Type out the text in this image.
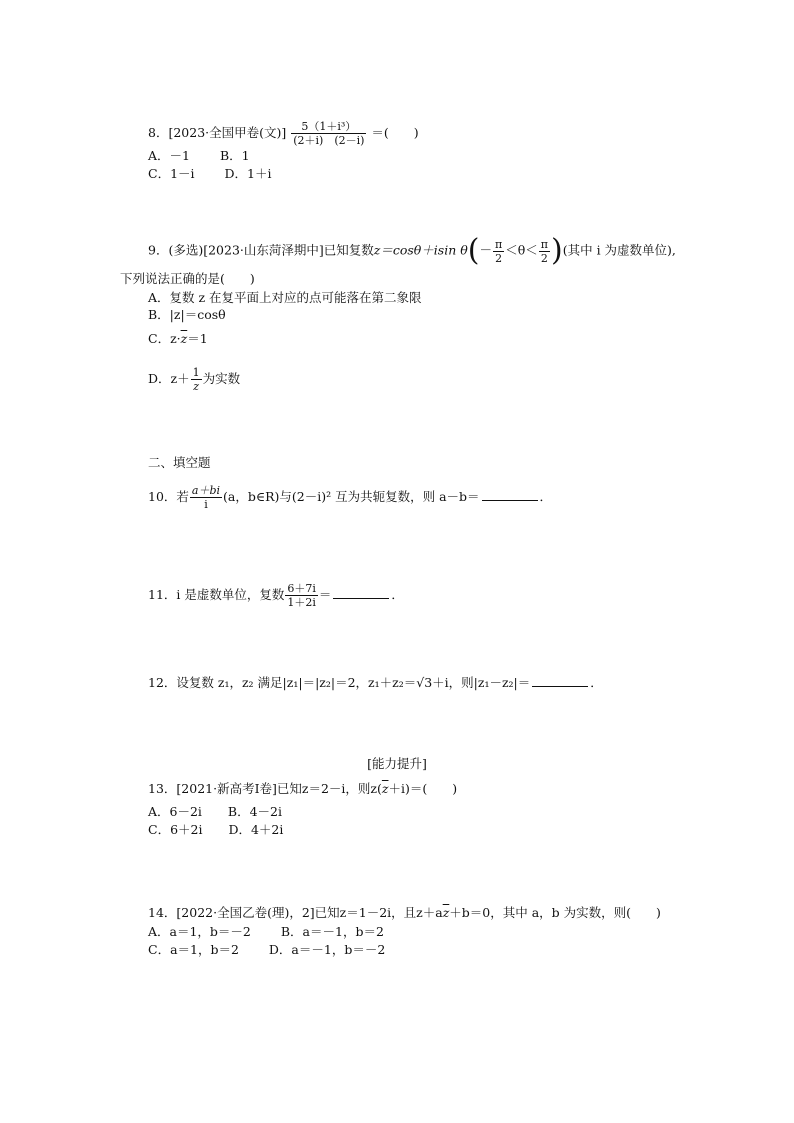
8．[2023·全国甲卷(文)] $\frac{\text{5（1＋i³）}}{(2+i) (2-i)}$ ＝(　　)
A．－1 B．1
C．1－i D．1＋i
9．(多选)[2023·山东菏泽期中]已知复数z＝cosθ＋isin $\theta(- \frac{\pi}{2} <\theta< \frac{\pi}{2}$ )(其中 i 为虚数单位),
下列说法正确的是(　　)
A．复数 z 在复平面上对应的点可能落在第二象限
B．|z|＝cosθ
C．$z\cdot\overline{z}=1$
D．$z+ \frac{1}{z}$ 为实数
二、填空题
10．若 $\frac{a+bi}{i} (a$，b∈R)与(2－i)² 互为共轭复数，则 a－b＝	．
11．i 是虚数单位，复数 $\frac{6+7i}{1+2i}$ ＝	．
12．设复数 z₁，z₂ 满足|z₁|＝|z₂|＝2，z₁＋z₂＝√3＋i，则|z₁－z₂|＝	．
[能力提升]
13．[2021·新高考Ⅰ卷]已知z＝2－i，则$z(\overline{z}+i)=$(　　)
A．6－2i B．4－2i
C．6＋2i D．4＋2i
14．[2022·全国乙卷(理)，2]已知z＝1－2i，且$z+a\overline{z}+b=0$，其中 a，b 为实数，则(　　)
A．a＝1，b＝－2 B．a＝－1，b＝2
C．a＝1，b＝2 D．a＝－1，b＝－2
